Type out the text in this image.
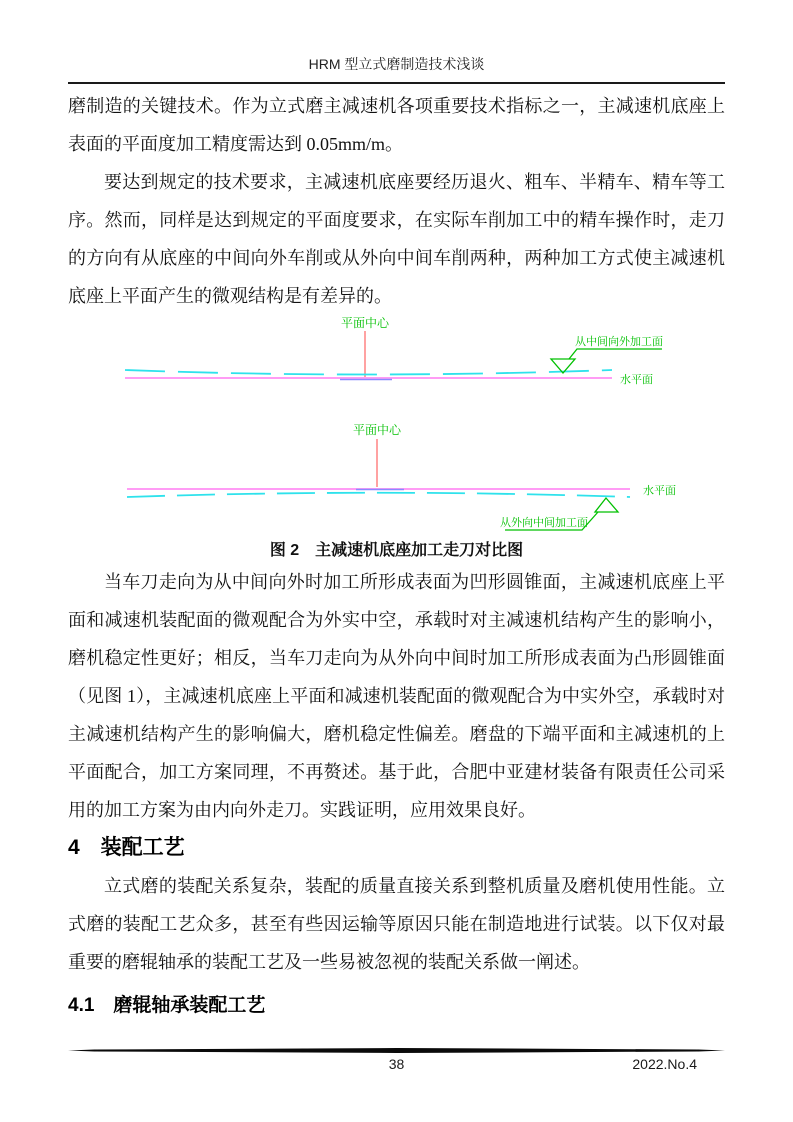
HRM 型立式磨制造技术浅谈

磨制造的关键技术。作为立式磨主减速机各项重要技术指标之一，主减速机底座上表面的平面度加工精度需达到 0.05mm/m。

要达到规定的技术要求，主减速机底座要经历退火、粗车、半精车、精车等工序。然而，同样是达到规定的平面度要求，在实际车削加工中的精车操作时，走刀的方向有从底座的中间向外车削或从外向中间车削两种，两种加工方式使主减速机底座上平面产生的微观结构是有差异的。

平面中心
从中间向外加工面
水平面
平面中心
从外向中间加工面
水平面
图 2　主减速机底座加工走刀对比图

当车刀走向为从中间向外时加工所形成表面为凹形圆锥面，主减速机底座上平面和减速机装配面的微观配合为外实中空，承载时对主减速机结构产生的影响小，磨机稳定性更好；相反，当车刀走向为从外向中间时加工所形成表面为凸形圆锥面（见图 1），主减速机底座上平面和减速机装配面的微观配合为中实外空，承载时对主减速机结构产生的影响偏大，磨机稳定性偏差。磨盘的下端平面和主减速机的上平面配合，加工方案同理，不再赘述。基于此，合肥中亚建材装备有限责任公司采用的加工方案为由内向外走刀。实践证明，应用效果良好。

4　装配工艺

立式磨的装配关系复杂，装配的质量直接关系到整机质量及磨机使用性能。立式磨的装配工艺众多，甚至有些因运输等原因只能在制造地进行试装。以下仅对最重要的磨辊轴承的装配工艺及一些易被忽视的装配关系做一阐述。

4.1　磨辊轴承装配工艺
38	2022.No.4
